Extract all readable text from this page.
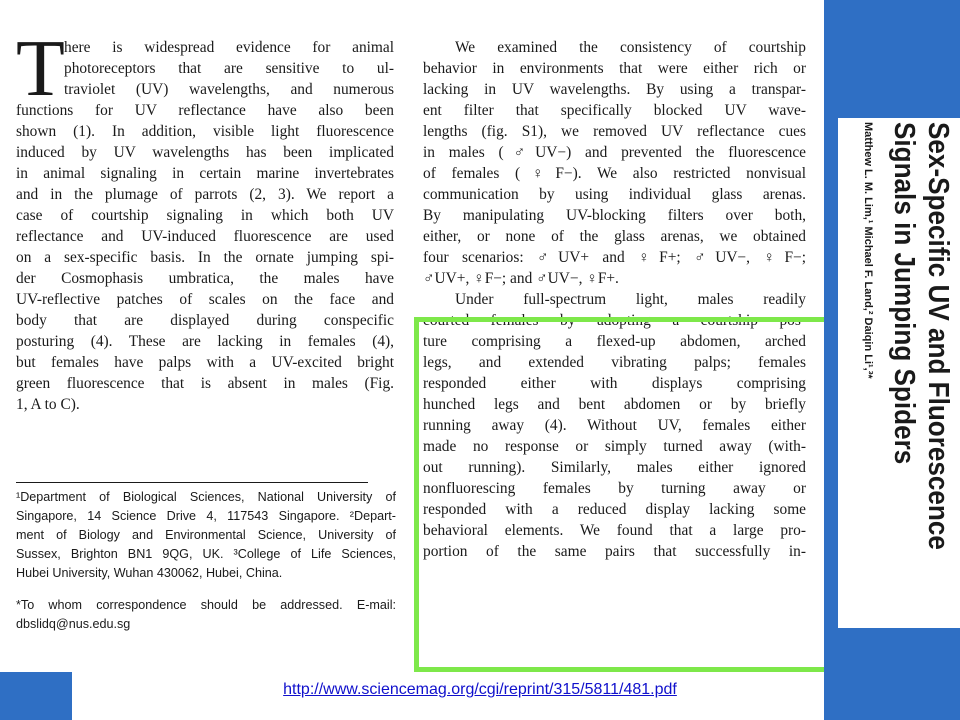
T here is widespread evidence for animal
photoreceptors that are sensitive to ul-
traviolet (UV) wavelengths, and numerous
functions for UV reflectance have also been
shown (1). In addition, visible light fluorescence
induced by UV wavelengths has been implicated
in animal signaling in certain marine invertebrates
and in the plumage of parrots (2, 3). We report a
case of courtship signaling in which both UV
reflectance and UV-induced fluorescence are used
on a sex-specific basis. In the ornate jumping spi-
der Cosmophasis umbratica, the males have
UV-reflective patches of scales on the face and
body that are displayed during conspecific
posturing (4). These are lacking in females (4),
but females have palps with a UV-excited bright
green fluorescence that is absent in males (Fig.
1, A to C).
¹Department of Biological Sciences, National University of
Singapore, 14 Science Drive 4, 117543 Singapore. ²Depart-
ment of Biology and Environmental Science, University of
Sussex, Brighton BN1 9QG, UK. ³College of Life Sciences,
Hubei University, Wuhan 430062, Hubei, China.
*To whom correspondence should be addressed. E-mail:
dbslidq@nus.edu.sg
We examined the consistency of courtship
behavior in environments that were either rich or
lacking in UV wavelengths. By using a transpar-
ent filter that specifically blocked UV wave-
lengths (fig. S1), we removed UV reflectance cues
in males (♂UV−) and prevented the fluorescence
of females (♀F−). We also restricted nonvisual
communication by using individual glass arenas.
By manipulating UV-blocking filters over both,
either, or none of the glass arenas, we obtained
four scenarios: ♂UV+ and ♀F+; ♂UV−, ♀F−;
♂UV+, ♀F−; and ♂UV−, ♀F+.
Under full-spectrum light, males readily
courted females by adopting a courtship pos-
ture comprising a flexed-up abdomen, arched
legs, and extended vibrating palps; females
responded either with displays comprising
hunched legs and bent abdomen or by briefly
running away (4). Without UV, females either
made no response or simply turned away (with-
out running). Similarly, males either ignored
nonfluorescing females by turning away or
responded with a reduced display lacking some
behavioral elements. We found that a large pro-
portion of the same pairs that successfully in-
Sex-Specific UV and Fluorescence
Signals in Jumping Spiders
Matthew L. M. Lim,¹ Michael F. Land,² Daiqin Li¹,³*
http://www.sciencemag.org/cgi/reprint/315/5811/481.pdf
